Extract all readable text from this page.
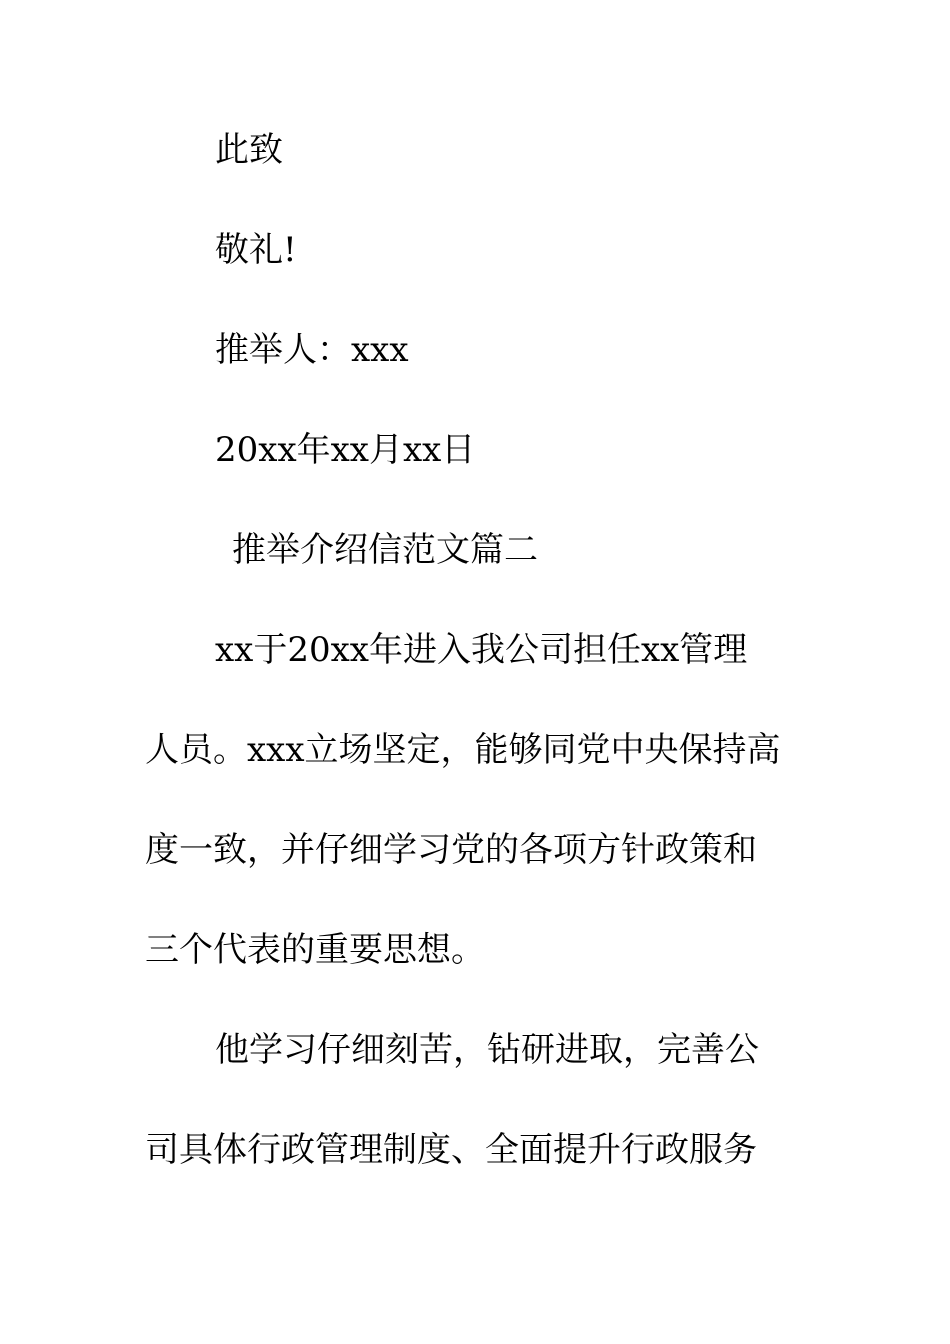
此致
敬礼!
推举人：xxx
20xx年xx月xx日
推举介绍信范文篇二
xx于20xx年进入我公司担任xx管理
人员。xxx立场坚定，能够同党中央保持高
度一致，并仔细学习党的各项方针政策和
三个代表的重要思想。
他学习仔细刻苦，钻研进取，完善公
司具体行政管理制度、全面提升行政服务
